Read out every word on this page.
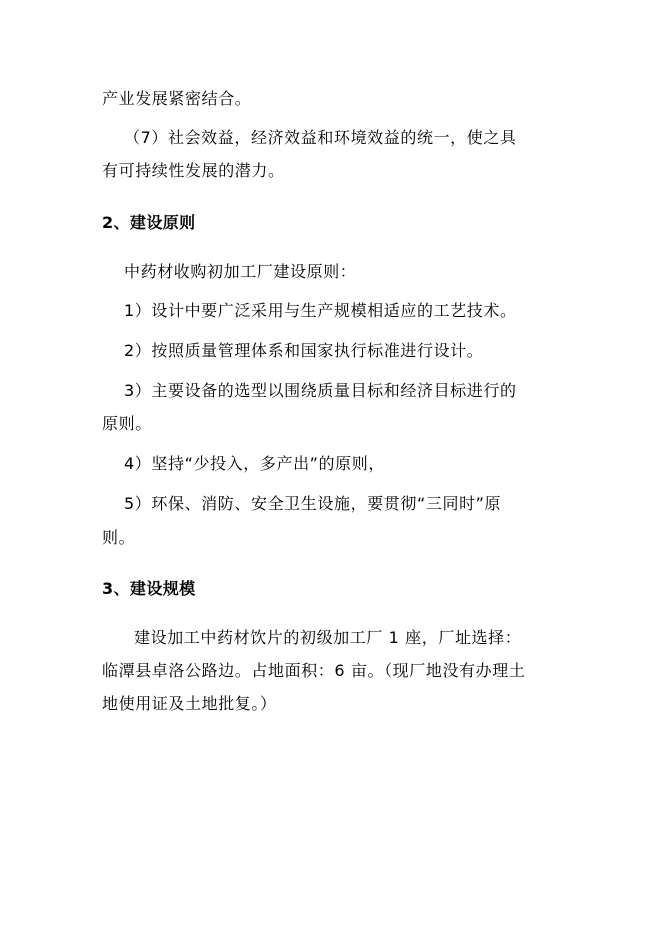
产业发展紧密结合。
（7）社会效益，经济效益和环境效益的统一，使之具
有可持续性发展的潜力。
2、建设原则
中药材收购初加工厂建设原则：
1）设计中要广泛采用与生产规模相适应的工艺技术。
2）按照质量管理体系和国家执行标准进行设计。
3）主要设备的选型以围绕质量目标和经济目标进行的
原则。
4）坚持“少投入，多产出”的原则，
5）环保、消防、安全卫生设施，要贯彻“三同时”原
则。
3、建设规模
建设加工中药材饮片的初级加工厂 1 座，厂址选择：
临潭县卓洛公路边。占地面积：6 亩。（现厂地没有办理土
地使用证及土地批复。）
